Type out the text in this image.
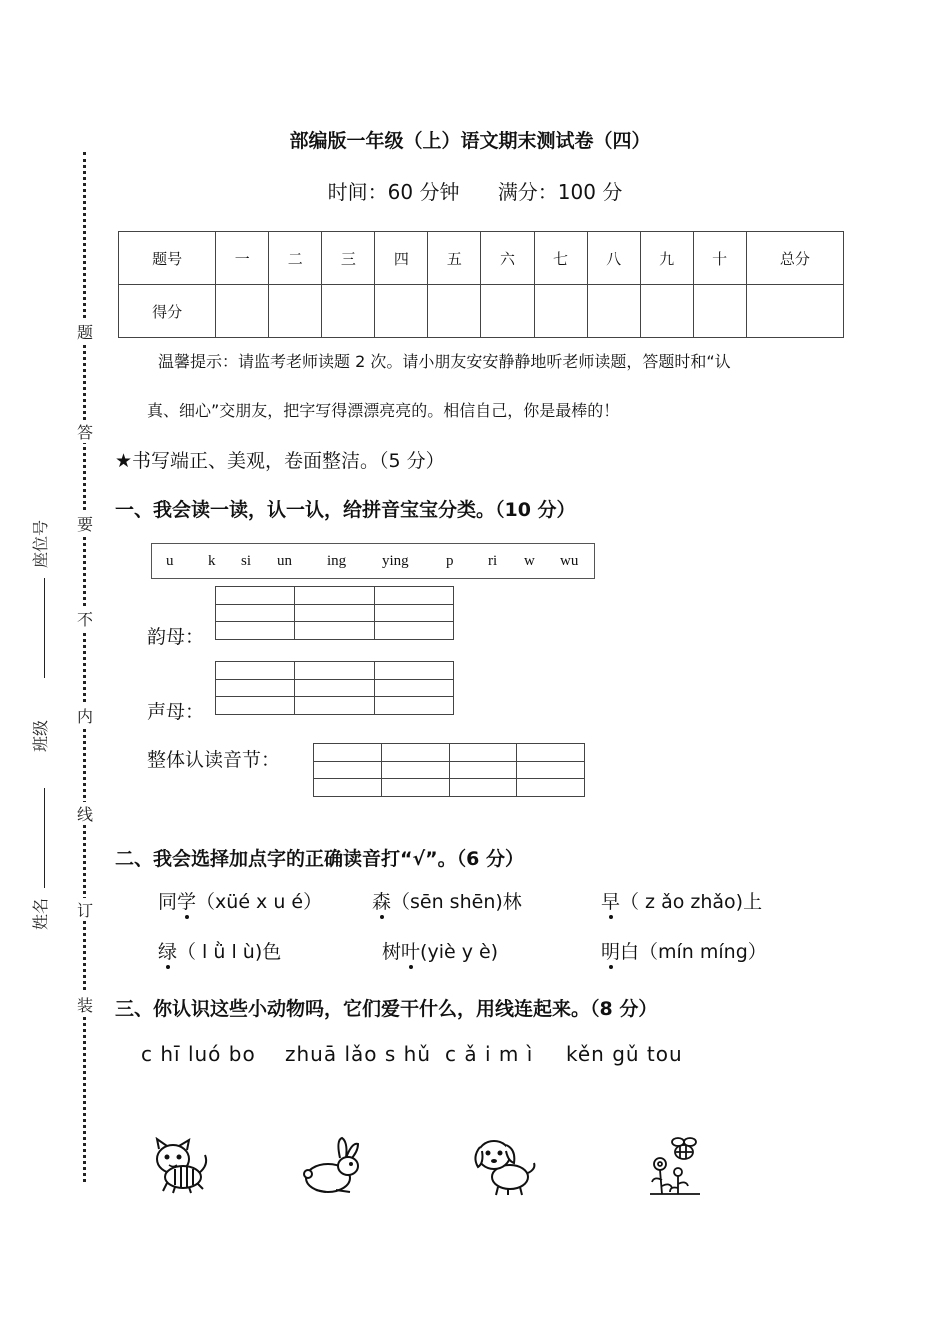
题
答
要
不
内
线
订
装
座位号
班级
姓名
部编版一年级（上）语文期末测试卷（四）
时间：60 分钟 满分：100 分
题号	一	二	三	四	五	六	七	八	九	十	总分
得分											
温馨提示：请监考老师读题 2 次。请小朋友安安静静地听老师读题，答题时和“认
真、细心”交朋友，把字写得漂漂亮亮的。相信自己，你是最棒的！
★书写端正、美观，卷面整洁。（5 分）
一、我会读一读，认一认，给拼音宝宝分类。（10 分）
u k si un ing ying p ri w wu

韵母：

声母：
整体认读音节：

二、我会选择加点字的正确读音打“√”。（6 分）
同学（xüé x u é）	森（sēn shēn)林	早（ z ǎo zhǎo)上
绿（ l ǜ l ù)色	树叶(yiè y è)	明白（mín míng）
三、你认识这些小动物吗，它们爱干什么，用线连起来。（8 分）
c hī luó bo zhuā lǎo s hǔ c ǎ i m ì kěn gǔ tou
